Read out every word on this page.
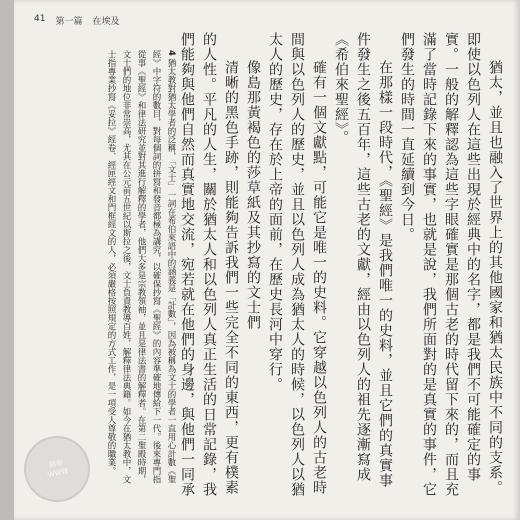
41 第一篇 在埃及

猶太，並且也融入了世界上的其他國家和猶太民族中不同的支系。即使以色列人在這些出現於經典中的名字，都是我們不可能確定的事實。一般的解釋認為這些字眼確實是那個古老的時代留下來的，而且充滿了當時記錄下來的事實，也就是說，我們所面對的是真實的事件，它們發生的時間一直延續到今日。

在那樣一段時代，《聖經》是我們唯一的史料，並且它們的真實事件發生之後五百年，這些古老的文獻，經由以色列人的祖先逐漸寫成《希伯來聖經》。

確有一個文獻點，可能它是唯一的史料。它穿越以色列人的古老時間與以色列人的歷史，並且以色列人成為猶太人的時候，以色列人以猶太人的歷史，存在於上帝的面前，在歷史長河中穿行。

像島那黃褐色的莎草紙及其抄寫的文士們

清晰的黑色手跡，則能夠告訴我們一些完全不同的東西，更有樸素的人性。平凡的人生，關於猶太人和以色列人真正生活的日常記錄，我們能夠與他們自然而真實地交流，宛若就在他們的身邊，與他們一同承

4 猶太教對猶太學者的泛稱，「文士」一詞在希伯來語中的涵義是「計數」，因為被稱為文士的學者一直用心計數《聖經》中字符的數目，對每個詞的拼寫和發音都極為講究，以確保抄寫《聖經》的內容準確地傳給下一代。後來專門指從事《聖經》和律法研究並對其進行解釋的學者，他們大多是宗教領袖，並且是律法書的解釋者。在第二聖殿時期，文士們的地位非常崇高，尤其在公元前五世紀以斯拉之後，文士負責教導百姓，解釋律法典籍。如今在猶太教中，文士指專業抄寫《妥拉》經卷、經匣經文和門框經文的人，必須嚴格按照規定的方式工作，是一項受人尊敬的職業。

開卷
WWW
